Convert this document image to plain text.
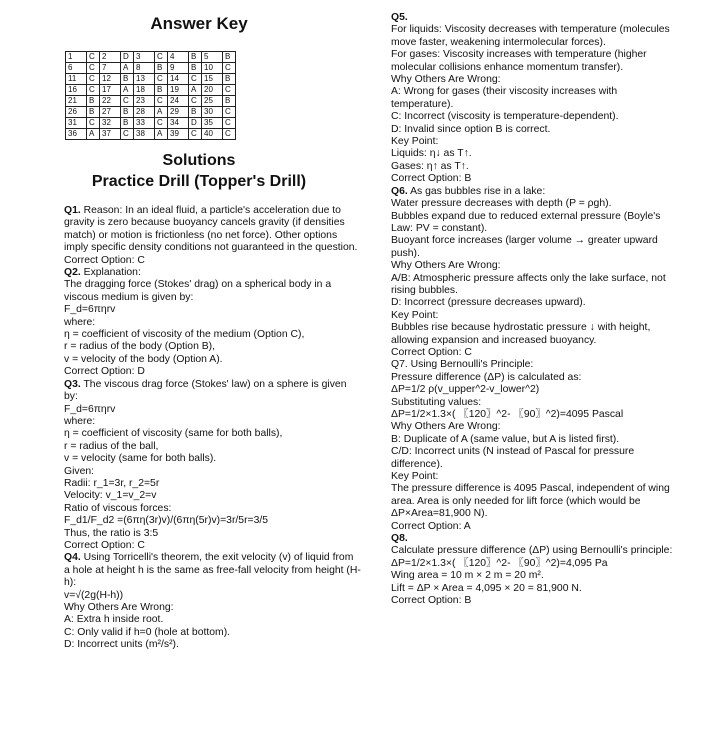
Answer Key
1	C	2	D	3	C	4	B	5	B
6	C	7	A	8	B	9	B	10	C
11	C	12	B	13	C	14	C	15	B
16	C	17	A	18	B	19	A	20	C
21	B	22	C	23	C	24	C	25	B
26	B	27	B	28	A	29	B	30	C
31	C	32	B	33	C	34	D	35	C
36	A	37	C	38	A	39	C	40	C
Solutions
Practice Drill (Topper's Drill)

Q1. Reason: In an ideal fluid, a particle's acceleration due to gravity is zero because buoyancy cancels gravity (if densities match) or motion is frictionless (no net force). Other options imply specific density conditions not guaranteed in the question.

Correct Option: C

Q2. Explanation:

The dragging force (Stokes' drag) on a spherical body in a viscous medium is given by:

F_d=6πηrv

where:

η = coefficient of viscosity of the medium (Option C),

r = radius of the body (Option B),

v = velocity of the body (Option A).

Correct Option: D

Q3. The viscous drag force (Stokes' law) on a sphere is given by:

F_d=6πηrv

where:

η = coefficient of viscosity (same for both balls),

r = radius of the ball,

v = velocity (same for both balls).

Given:

Radii: r_1=3r, r_2=5r

Velocity: v_1=v_2=v

Ratio of viscous forces:

F_d1/F_d2 =(6πη(3r)v)/(6πη(5r)v)=3r/5r=3/5

Thus, the ratio is 3:5

Correct Option: C

Q4. Using Torricelli's theorem, the exit velocity (v) of liquid from a hole at height h is the same as free-fall velocity from height (H-h):

v=√(2g(H-h))

Why Others Are Wrong:

A: Extra h inside root.

C: Only valid if h=0 (hole at bottom).

D: Incorrect units (m²/s²).

Q5.

For liquids: Viscosity decreases with temperature (molecules move faster, weakening intermolecular forces).

For gases: Viscosity increases with temperature (higher molecular collisions enhance momentum transfer).

Why Others Are Wrong:

A: Wrong for gases (their viscosity increases with temperature).

C: Incorrect (viscosity is temperature-dependent).

D: Invalid since option B is correct.

Key Point:

Liquids: η↓ as T↑.

Gases: η↑ as T↑.

Correct Option: B

Q6. As gas bubbles rise in a lake:

Water pressure decreases with depth (P = ρgh).

Bubbles expand due to reduced external pressure (Boyle's Law: PV = constant).

Buoyant force increases (larger volume → greater upward push).

Why Others Are Wrong:

A/B: Atmospheric pressure affects only the lake surface, not rising bubbles.

D: Incorrect (pressure decreases upward).

Key Point:

Bubbles rise because hydrostatic pressure ↓ with height, allowing expansion and increased buoyancy.

Correct Option: C

Q7. Using Bernoulli's Principle:

Pressure difference (ΔP) is calculated as:

ΔP=1/2 ρ(v_upper^2-v_lower^2)

Substituting values:

ΔP=1/2×1.3×( 〖120〗^2- 〖90〗^2)=4095 Pascal

Why Others Are Wrong:

B: Duplicate of A (same value, but A is listed first).

C/D: Incorrect units (N instead of Pascal for pressure difference).

Key Point:

The pressure difference is 4095 Pascal, independent of wing area. Area is only needed for lift force (which would be ΔP×Area=81,900 N).

Correct Option: A

Q8.

Calculate pressure difference (ΔP) using Bernoulli's principle:

ΔP=1/2×1.3×( 〖120〗^2- 〖90〗^2)=4,095 Pa

Wing area = 10 m × 2 m = 20 m².

Lift = ΔP × Area = 4,095 × 20 = 81,900 N.

Correct Option: B
